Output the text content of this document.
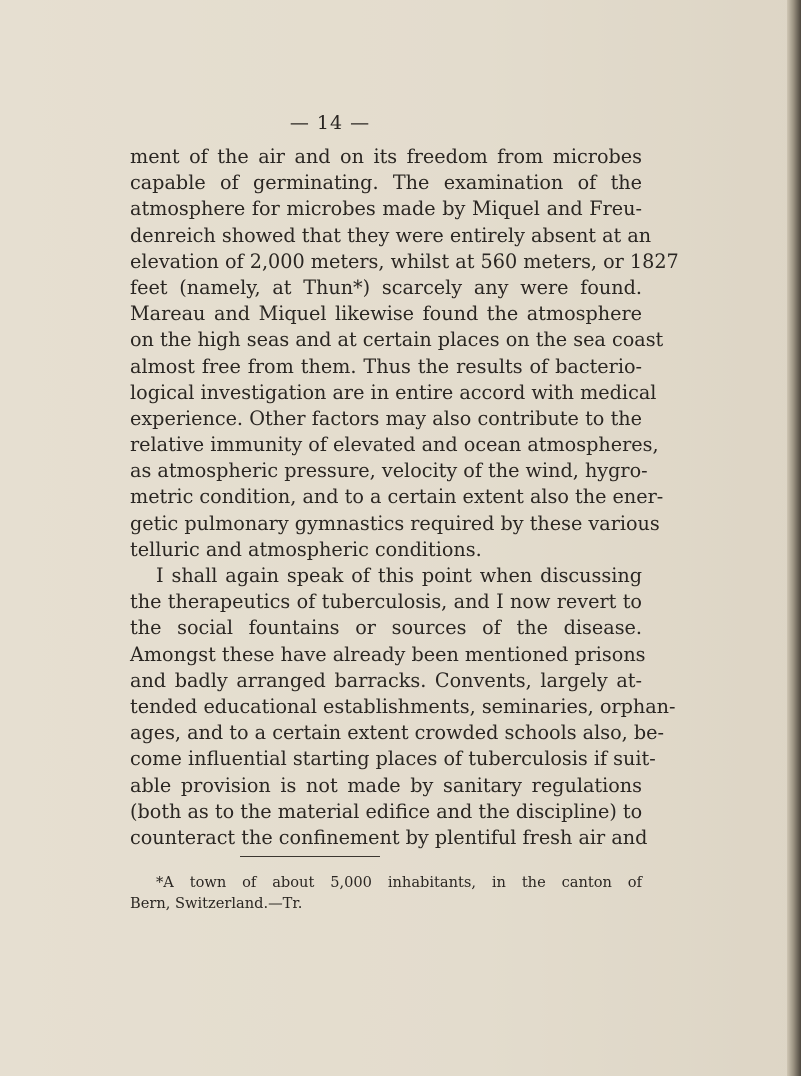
— 14 —
ment of the air and on its freedom from microbes
capable of germinating. The examination of the
atmosphere for microbes made by Miquel and Freu-
denreich showed that they were entirely absent at an
elevation of 2,000 meters, whilst at 560 meters, or 1827
feet (namely, at Thun*) scarcely any were found.
Mareau and Miquel likewise found the atmosphere
on the high seas and at certain places on the sea coast
almost free from them. Thus the results of bacterio-
logical investigation are in entire accord with medical
experience. Other factors may also contribute to the
relative immunity of elevated and ocean atmospheres,
as atmospheric pressure, velocity of the wind, hygro-
metric condition, and to a certain extent also the ener-
getic pulmonary gymnastics required by these various
telluric and atmospheric conditions.
I shall again speak of this point when discussing
the therapeutics of tuberculosis, and I now revert to
the social fountains or sources of the disease.
Amongst these have already been mentioned prisons
and badly arranged barracks. Convents, largely at-
tended educational establishments, seminaries, orphan-
ages, and to a certain extent crowded schools also, be-
come influential starting places of tuberculosis if suit-
able provision is not made by sanitary regulations
(both as to the material edifice and the discipline) to
counteract the confinement by plentiful fresh air and
*A town of about 5,000 inhabitants, in the canton of
Bern, Switzerland.—Tr.
